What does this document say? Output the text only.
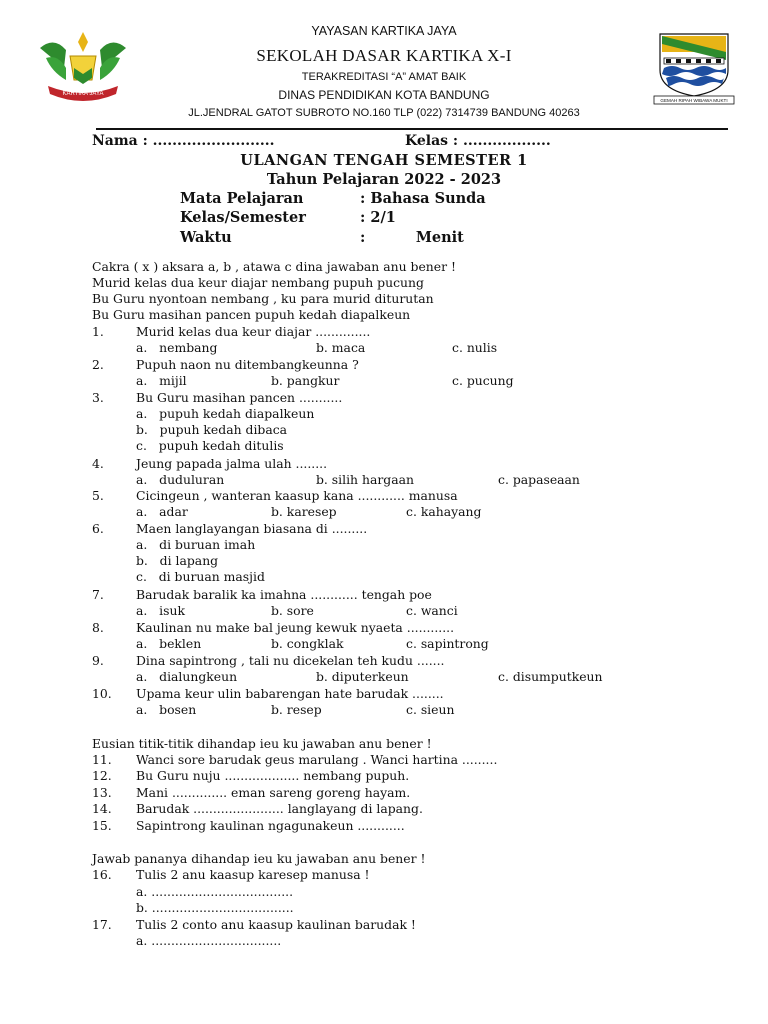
KARTIKA JAYA
YAYASAN KARTIKA JAYA
SEKOLAH DASAR KARTIKA X-I
TERAKREDITASI “A” AMAT BAIK
DINAS PENDIDIKAN KOTA BANDUNG
JL.JENDRAL GATOT SUBROTO NO.160 TLP (022) 7314739 BANDUNG 40263
GEMAH RIPAH WIBAWA MUKTI
Nama : .........................	Kelas : ..................
ULANGAN TENGAH SEMESTER 1
Tahun Pelajaran 2022 - 2023
Mata Pelajaran	: Bahasa Sunda
Kelas/Semester	: 2/1
Waktu	:          Menit
Cakra ( x ) aksara a, b , atawa c dina jawaban anu bener !
Murid kelas dua keur diajar nembang pupuh pucung
Bu Guru nyontoan nembang , ku para murid diturutan
Bu Guru masihan pancen pupuh kedah diapalkeun
1.	Murid kelas dua keur diajar ..............
a.   nembang	b. maca	c. nulis
2.	Pupuh naon nu ditembangkeunna ?
a.   mijil	b. pangkur	c. pucung
3.	Bu Guru masihan pancen ...........
a.   pupuh kedah diapalkeun
b.   pupuh kedah dibaca
c.   pupuh kedah ditulis
4.	Jeung papada jalma ulah ........
a.   duduluran	b. silih hargaan	c. papaseaan
5.	Cicingeun , wanteran kaasup kana ............ manusa
a.   adar	b. karesep	c. kahayang
6.	Maen langlayangan biasana di .........
a.   di buruan imah
b.   di lapang
c.   di buruan masjid
7.	Barudak baralik ka imahna ............ tengah poe
a.   isuk	b. sore	c. wanci
8.	Kaulinan nu make bal jeung kewuk nyaeta ............
a.   beklen	b. congklak	c. sapintrong
9.	Dina sapintrong , tali nu dicekelan teh kudu .......
a.   dialungkeun	b. diputerkeun	c. disumputkeun
10.	Upama keur ulin babarengan hate barudak ........
a.   bosen	b. resep	c. sieun
Eusian titik-titik dihandap ieu ku jawaban anu bener !
11.	Wanci sore barudak geus marulang . Wanci hartina .........
12.	Bu Guru nuju ................... nembang pupuh.
13.	Mani .............. eman sareng goreng hayam.
14.	Barudak ....................... langlayang di lapang.
15.	Sapintrong kaulinan ngagunakeun ............
Jawab pananya dihandap ieu ku jawaban anu bener !
16.	Tulis 2 anu kaasup karesep manusa !
a. ....................................
b. ....................................
17.	Tulis 2 conto anu kaasup kaulinan barudak !
a. .................................
